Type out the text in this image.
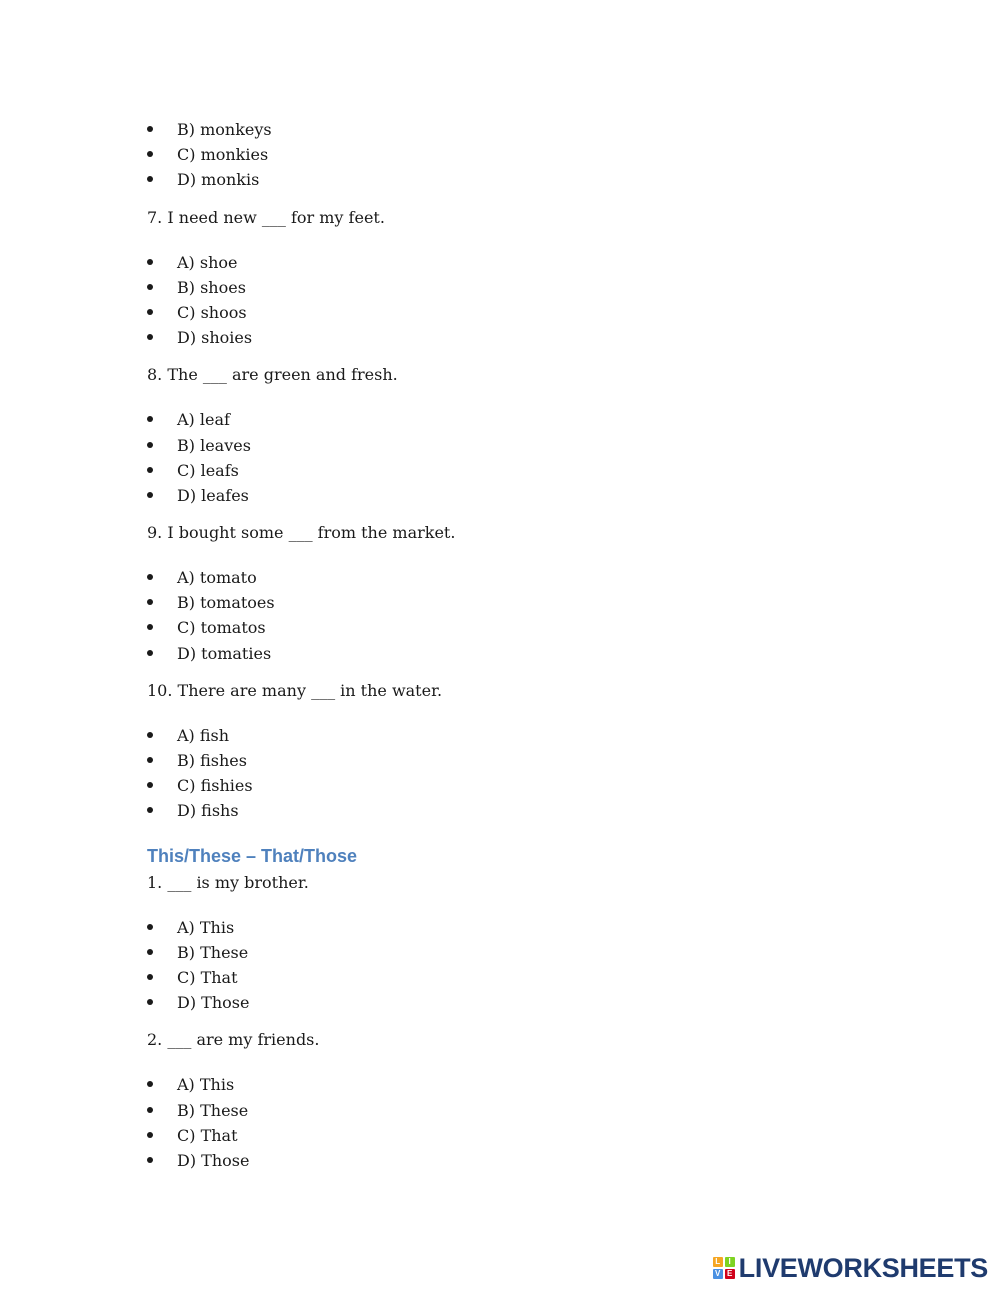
B) monkeys
C) monkies
D) monkis

7. I need new ___ for my feet.

A) shoe
B) shoes
C) shoos
D) shoies

8. The ___ are green and fresh.

A) leaf
B) leaves
C) leafs
D) leafes

9. I bought some ___ from the market.

A) tomato
B) tomatoes
C) tomatos
D) tomaties

10. There are many ___ in the water.

A) fish
B) fishes
C) fishies
D) fishs
This/These – That/Those

1. ___ is my brother.

A) This
B) These
C) That
D) Those

2. ___ are my friends.

A) This
B) These
C) That
D) Those
L	I
V E LIVEWORKSHEETS
